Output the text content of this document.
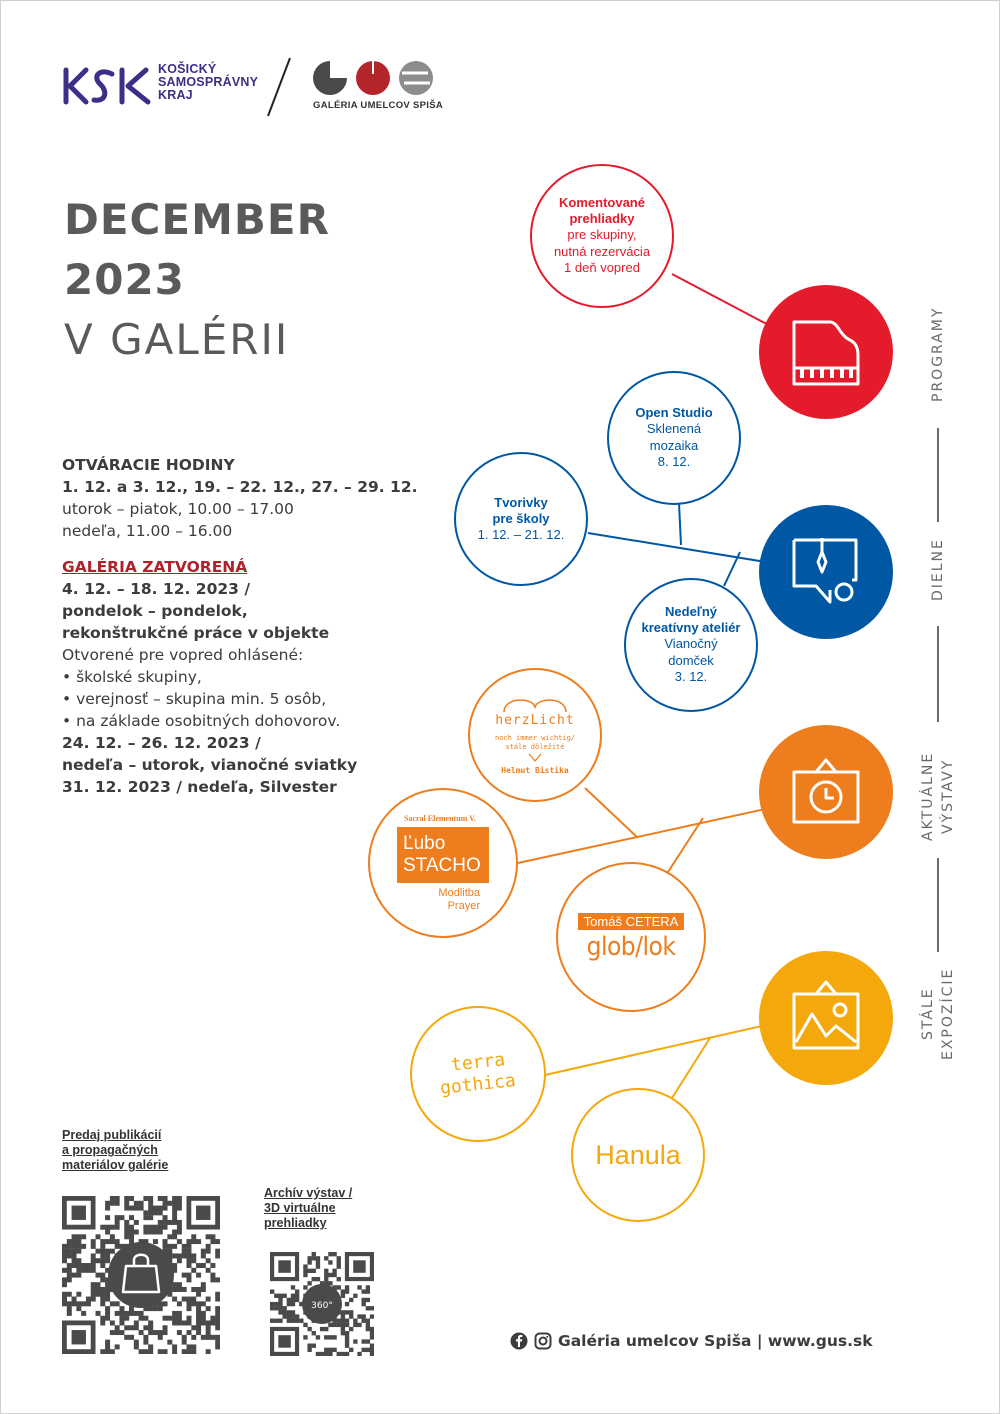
KOŠICKÝ
SAMOSPRÁVNY
KRAJ
GALÉRIA UMELCOV SPIŠA
DECEMBER
2023
V GALÉRII
OTVÁRACIE HODINY
1. 12. a 3. 12., 19. – 22. 12., 27. – 29. 12.
utorok – piatok, 10.00 – 17.00
nedeľa, 11.00 – 16.00
GALÉRIA ZATVORENÁ
4. 12. – 18. 12. 2023 /
pondelok – pondelok,
rekonštrukčné práce v objekte
Otvorené pre vopred ohlásené:
• školské skupiny,
• verejnosť – skupina min. 5 osôb,
• na základe osobitných dohovorov.
24. 12. – 26. 12. 2023 /
nedeľa – utorok, vianočné sviatky
31. 12. 2023 / nedeľa, Silvester
PROGRAMY
DIELNE
VÝSTAVY
AKTUÁLNE
EXPOZÍCIE
STÁLE
Komentované
prehliadky
pre skupiny,
nutná rezervácia
1 deň vopred
Open Studio
Sklenená
mozaika
8. 12.
Tvorivky
pre školy
1. 12. – 21. 12.
Nedeľný
kreatívny ateliér
Vianočný
domček
3. 12.
herzLicht
noch immer wichtig/
stále dôležité
Helmut Bistika
Sacral Elementum V.
Ľubo
STACHO
Modlitba
Prayer
Tomáš CETERA
glob/lok
terra
gothica
Hanula
Predaj publikácií
a propagačných
materiálov galérie
Archív výstav /
3D virtuálne
prehliadky
360°
Galéria umelcov Spiša | www.gus.sk
